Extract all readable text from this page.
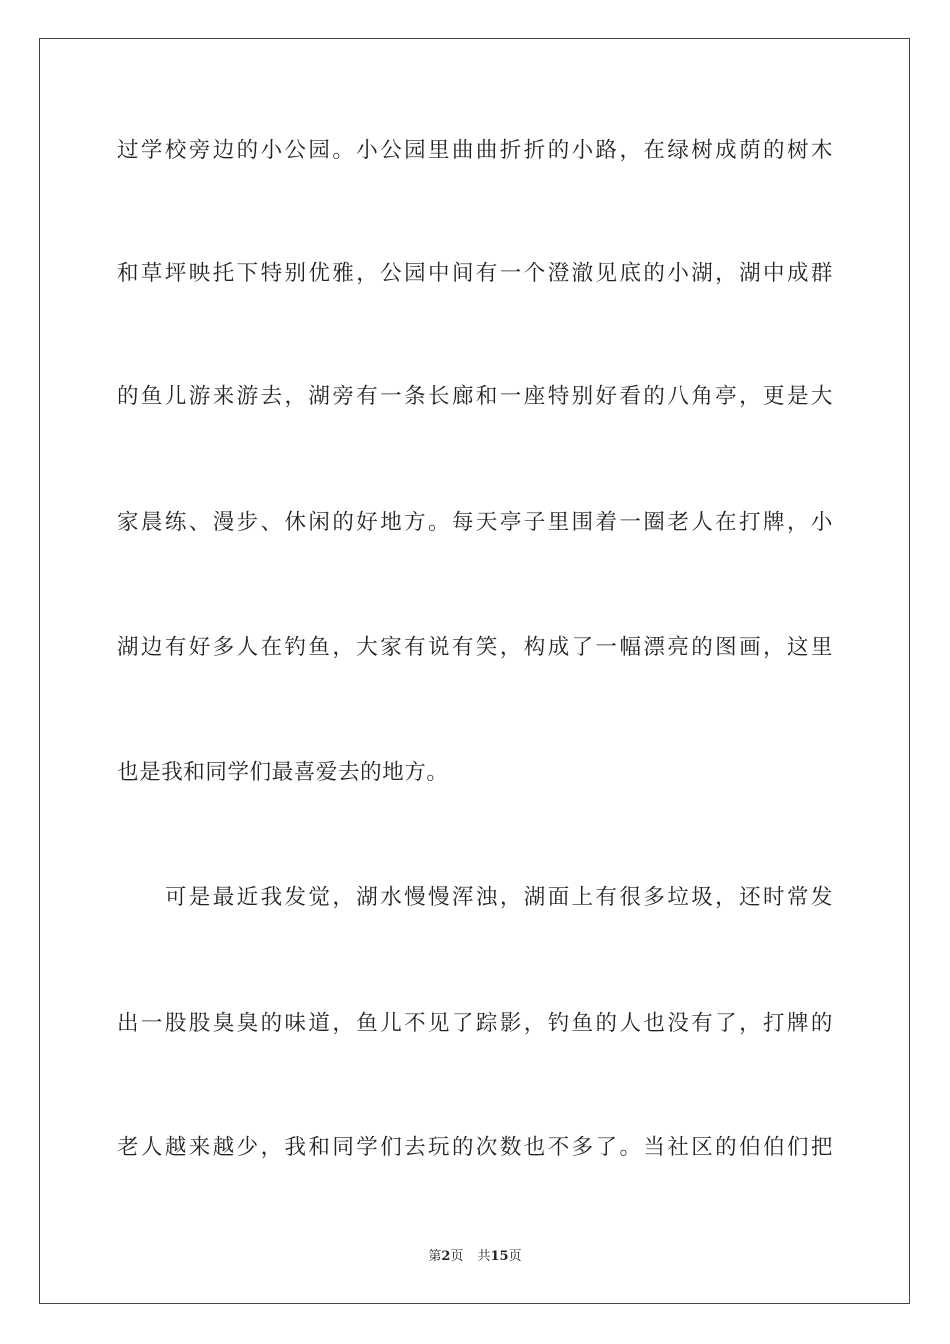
过学校旁边的小公园。小公园里曲曲折折的小路，在绿树成荫的树木
和草坪映托下特别优雅，公园中间有一个澄澈见底的小湖，湖中成群
的鱼儿游来游去，湖旁有一条长廊和一座特别好看的八角亭，更是大
家晨练、漫步、休闲的好地方。每天亭子里围着一圈老人在打牌，小
湖边有好多人在钓鱼，大家有说有笑，构成了一幅漂亮的图画，这里
也是我和同学们最喜爱去的地方。
　　可是最近我发觉，湖水慢慢浑浊，湖面上有很多垃圾，还时常发
出一股股臭臭的味道，鱼儿不见了踪影，钓鱼的人也没有了，打牌的
老人越来越少，我和同学们去玩的次数也不多了。当社区的伯伯们把
第2页 共15页
